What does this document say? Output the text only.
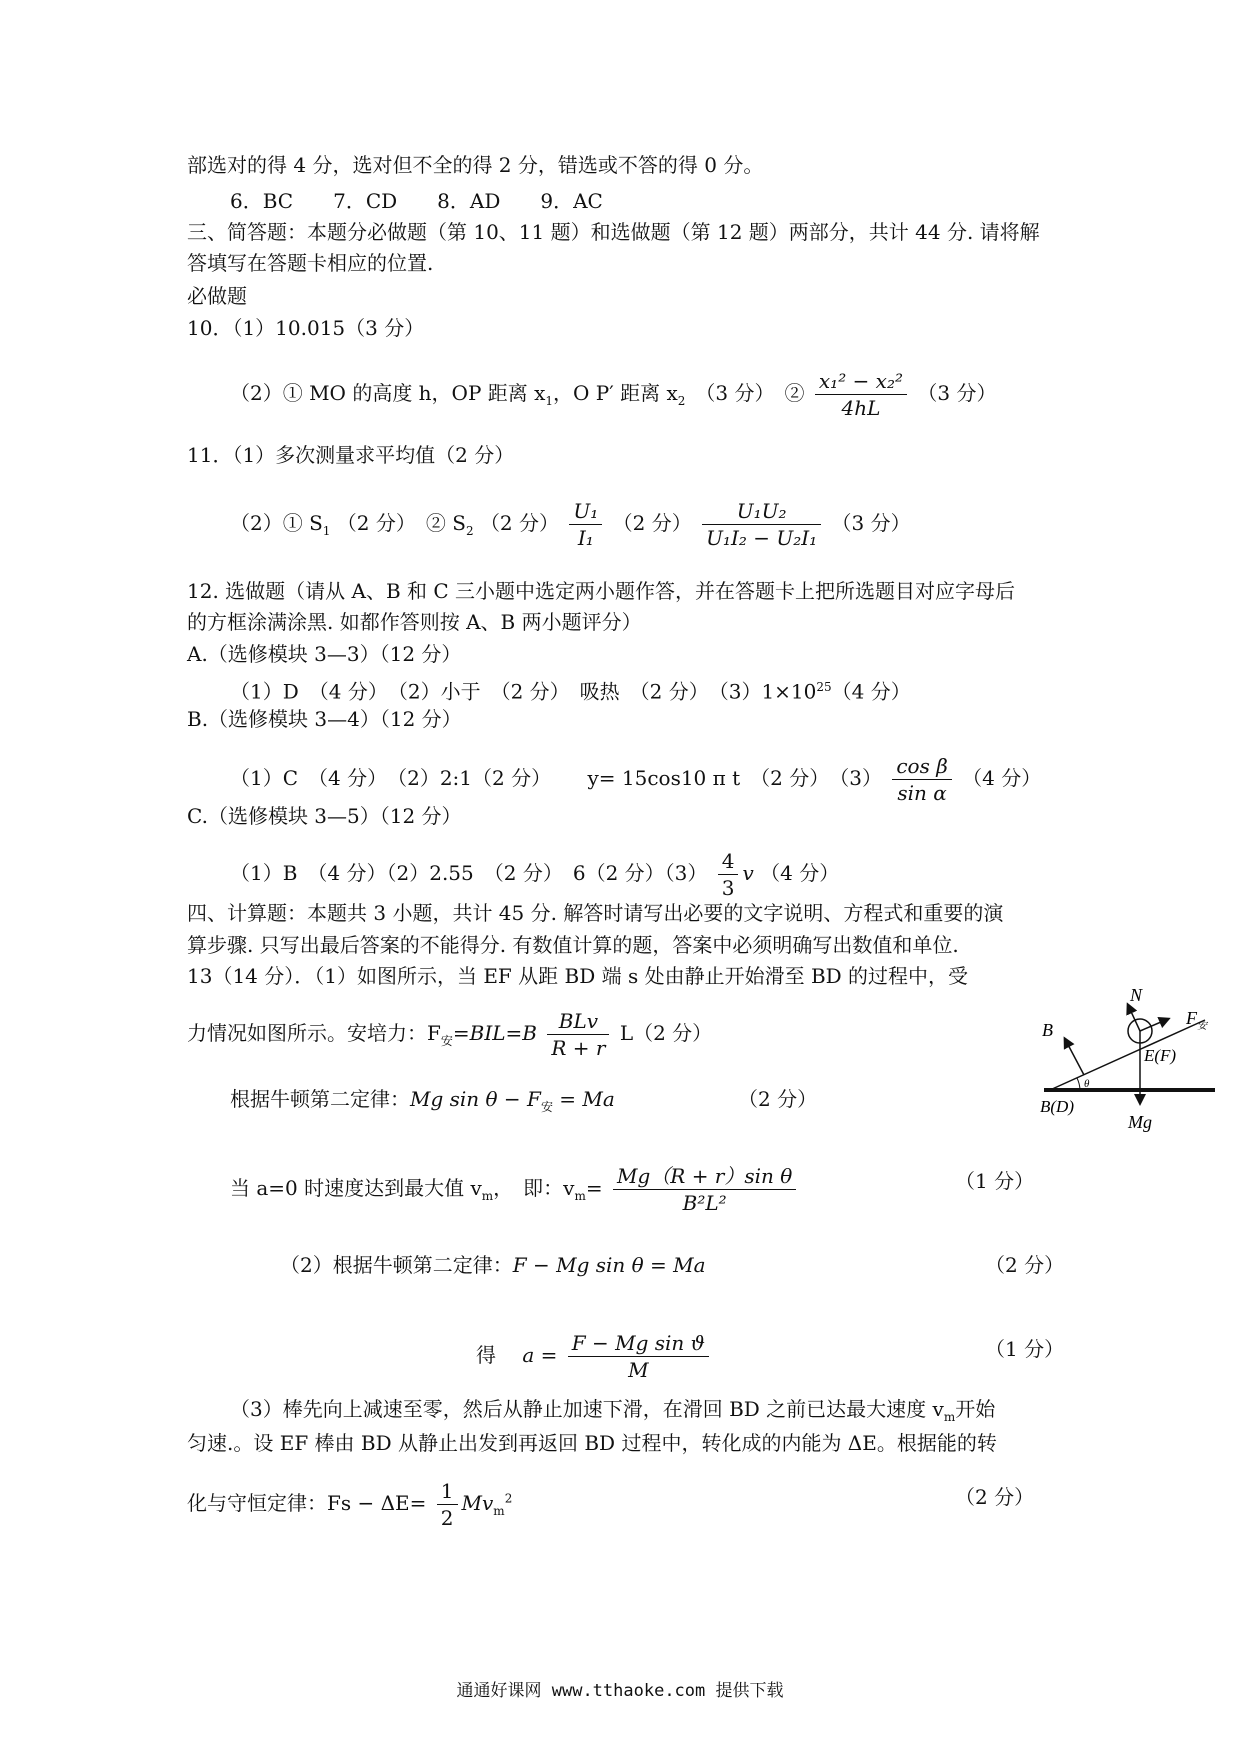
部选对的得 4 分，选对但不全的得 2 分，错选或不答的得 0 分。
6．BC　　7．CD　　8．AD　　9．AC
三、简答题：本题分必做题（第 10、11 题）和选做题（第 12 题）两部分，共计 44 分. 请将解
答填写在答题卡相应的位置.
必做题
10．（1）10.015（3 分）
（2）① MO 的高度 h，OP 距离 $x_1$，O P′ 距离 $x_2$　（3 分）　② $\frac{\text{x₁² − x₂²}}{4hL} (3$ 分）
11．（1）多次测量求平均值（2 分）
（2）① $S_1$ （2 分）　② $S_2$ （2 分） $\frac{\text{U₁}}{\text{I₁}} (2$ 分） $\frac{\text{U₁U₂}}{\text{U₁I₂ − U₂I₁}} (3$ 分）
12. 选做题（请从 A、B 和 C 三小题中选定两小题作答，并在答题卡上把所选题目对应字母后
的方框涂满涂黑. 如都作答则按 A、B 两小题评分）
A.（选修模块 3—3）（12 分）
（1）D　（4 分）　（2）小于　（2 分）　吸热　（2 分）　$(3)1\times 10^{25}(4$ 分）
B.（选修模块 3—4）（12 分）
（1）C　（4 分）　（2）2:1（2 分）　　 y= 15cos10 π t　（2 分）　$(3) \frac{\text{cos β}}{\text{sin α}} (4$ 分）
C.（选修模块 3—5）（12 分）
（1）B　（4 分）（2）2.55　（2 分）　6（2 分）$(3) \frac{4}{3}$ v （4 分）
四、计算题：本题共 3 小题，共计 45 分. 解答时请写出必要的文字说明、方程式和重要的演
算步骤. 只写出最后答案的不能得分. 有数值计算的题，答案中必须明确写出数值和单位.
13（14 分）．（1）如图所示，当 EF 从距 BD 端 s 处由静止开始滑至 BD 的过程中，受
力情况如图所示。安培力：$F_安=BIL=B \frac{\text{BLv}}{R + r} L(2$ 分）
根据牛顿第二定律：Mg $\sin \theta - F_安 = Ma$	（2 分）
当 a=0 时速度达到最大值 $v_m$，　即：$v_m= \frac{\text{Mg（R + r）sin θ}}{\text{B²L²}}$	（1 分）
（2）根据牛顿第二定律：F − Mg sin θ = Ma	（2 分）
得　 $a = \frac{\text{F − Mg sin ϑ}}{M}$	（1 分）
（3）棒先向上减速至零，然后从静止加速下滑，在滑回 BD 之前已达最大速度 $v_m$开始
匀速.。设 EF 棒由 BD 从静止出发到再返回 BD 过程中，转化成的内能为 ΔE。根据能的转
化与守恒定律：$Fs - \Delta E= \frac{1}{2} Mv_m^2$	（2 分）
θ
B
N
F 安
E(F)
B(D)
Mg
通通好课网 www.tthaoke.com 提供下载
